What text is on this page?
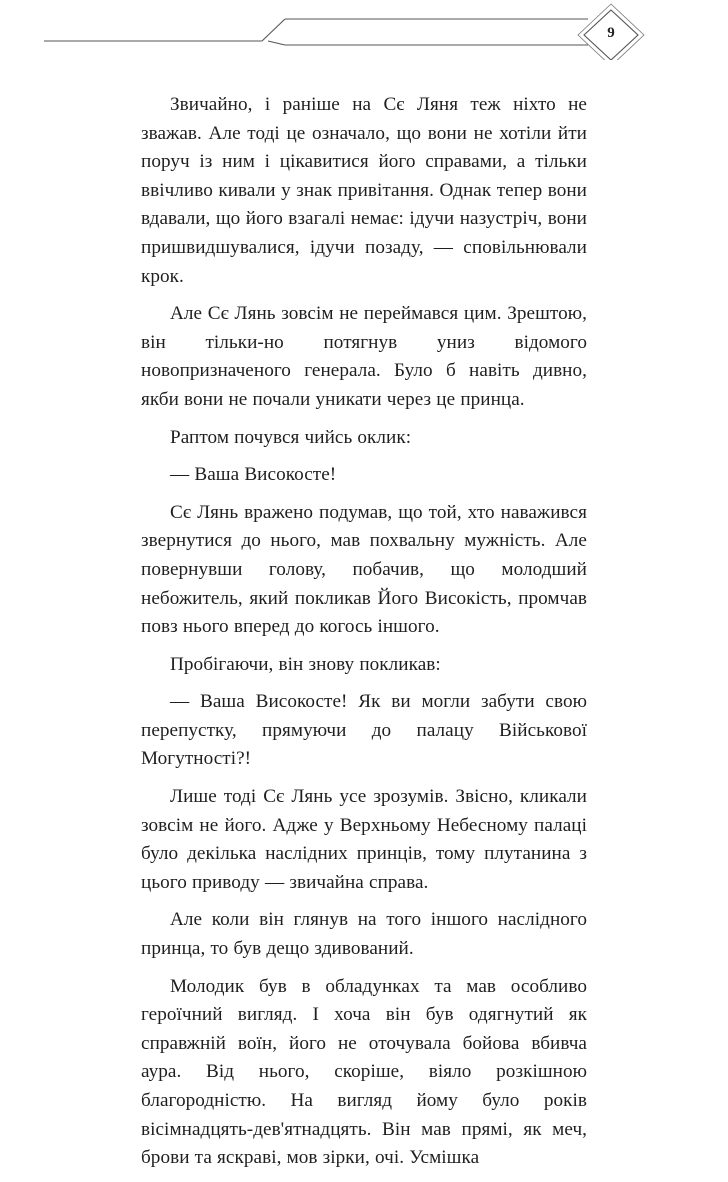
9

Звичайно, і раніше на Сє Ляня теж ніхто не зважав. Але тоді це означало, що вони не хотіли йти поруч із ним і цікавитися його справами, а тільки ввічливо кивали у знак привітання. Однак тепер вони вдавали, що його взагалі немає: ідучи назустріч, вони пришвидшувалися, ідучи позаду, — сповільнювали крок.

Але Сє Лянь зовсім не переймався цим. Зрештою, він тільки-но потягнув униз відомого новопризначеного генерала. Було б навіть дивно, якби вони не почали уникати через це принца.

Раптом почувся чийсь оклик:

— Ваша Високосте!

Сє Лянь вражено подумав, що той, хто наважився звернутися до нього, мав похвальну мужність. Але повернувши голову, побачив, що молодший небожитель, який покликав Його Високість, промчав повз нього вперед до когось іншого.

Пробігаючи, він знову покликав:

— Ваша Високосте! Як ви могли забути свою перепустку, прямуючи до палацу Військової Могутності?!

Лише тоді Сє Лянь усе зрозумів. Звісно, кликали зовсім не його. Адже у Верхньому Небесному палаці було декілька наслідних принців, тому плутанина з цього приводу — звичайна справа.

Але коли він глянув на того іншого наслідного принца, то був дещо здивований.

Молодик був в обладунках та мав особливо героїчний вигляд. І хоча він був одягнутий як справжній воїн, його не оточувала бойова вбивча аура. Від нього, скоріше, віяло розкішною благородністю. На вигляд йому було років вісімнадцять-дев'ятнадцять. Він мав прямі, як меч, брови та яскраві, мов зірки, очі. Усмішка
